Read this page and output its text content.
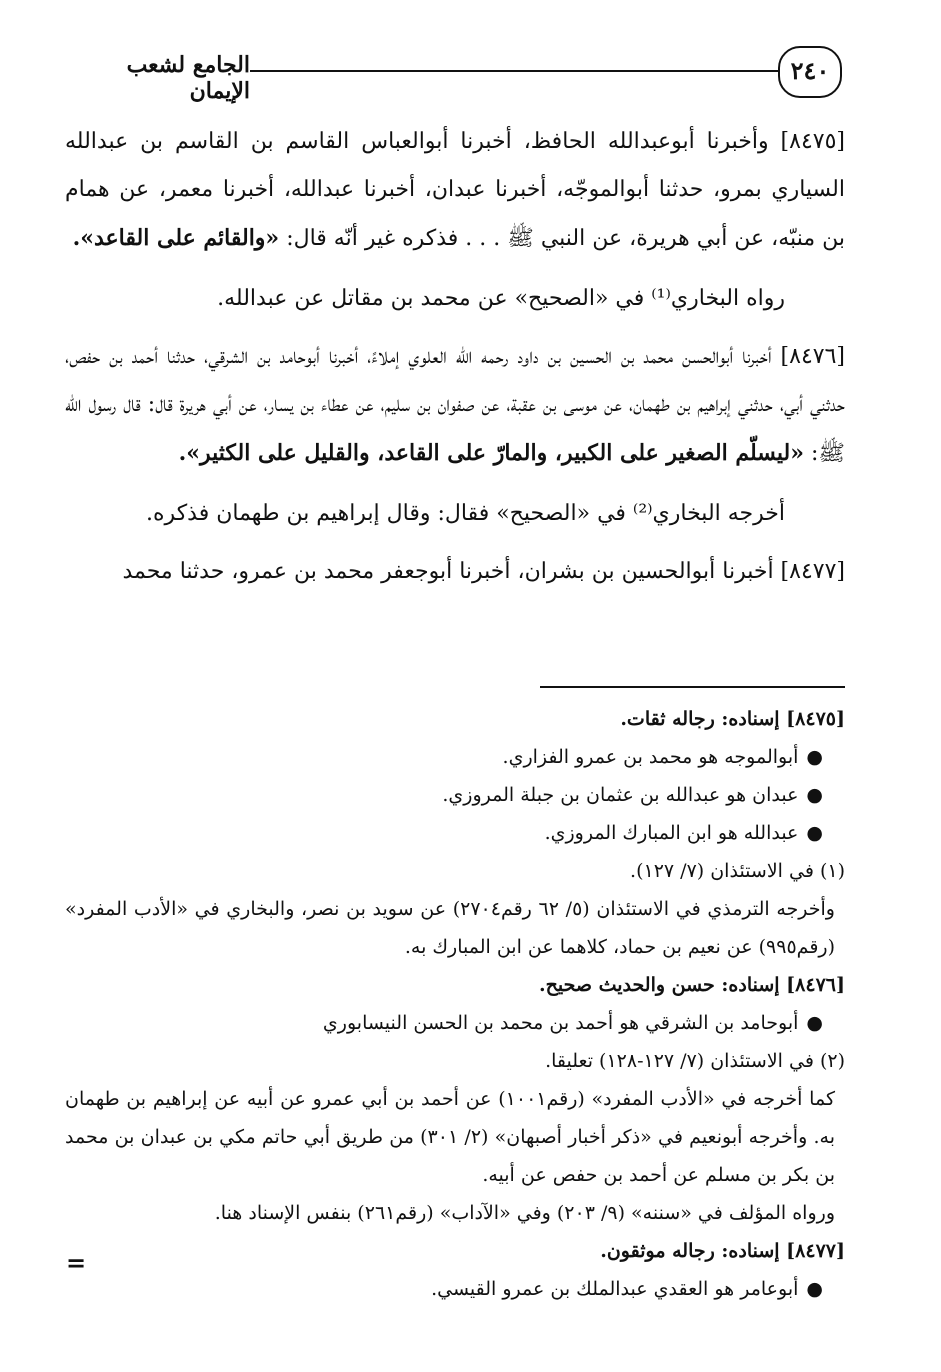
٢٤٠
الجامع لشعب الإيمان

[٨٤٧٥] وأخبرنا أبوعبدالله الحافظ، أخبرنا أبوالعباس القاسم بن القاسم بن عبدالله السياري بمرو، حدثنا أبوالموجّه، أخبرنا عبدان، أخبرنا عبدالله، أخبرنا معمر، عن همام بن منبّه، عن أبي هريرة، عن النبي ﷺ . . . فذكره غير أنّه قال: «والقائم على القاعد».

رواه البخاري⁽¹⁾ في «الصحيح» عن محمد بن مقاتل عن عبدالله.

[٨٤٧٦] أخبرنا أبوالحسن محمد بن الحسين بن داود رحمه الله العلوي إملاءً، أخبرنا أبوحامد بن الشرقي، حدثنا أحمد بن حفص، حدثني أبي، حدثني إبراهيم بن طهمان، عن موسى بن عقبة، عن صفوان بن سليم، عن عطاء بن يسار، عن أبي هريرة قال: قال رسول الله ﷺ: «ليسلّم الصغير على الكبير، والمارّ على القاعد، والقليل على الكثير».

أخرجه البخاري⁽²⁾ في «الصحيح» فقال: وقال إبراهيم بن طهمان فذكره.

[٨٤٧٧] أخبرنا أبوالحسين بن بشران، أخبرنا أبوجعفر محمد بن عمرو، حدثنا محمد

[٨٤٧٥] إسناده: رجاله ثقات.

●أبوالموجه هو محمد بن عمرو الفزاري.

●عبدان هو عبدالله بن عثمان بن جبلة المروزي.

●عبدالله هو ابن المبارك المروزي.

(١) في الاستئذان (٧/ ١٢٧).

وأخرجه الترمذي في الاستئذان (٥/ ٦٢ رقم٢٧٠٤) عن سويد بن نصر، والبخاري في «الأدب المفرد» (رقم٩٩٥) عن نعيم بن حماد، كلاهما عن ابن المبارك به.

[٨٤٧٦] إسناده: حسن والحديث صحيح.

●أبوحامد بن الشرقي هو أحمد بن محمد بن الحسن النيسابوري

(٢) في الاستئذان (٧/ ١٢٧-١٢٨) تعليقا.

كما أخرجه في «الأدب المفرد» (رقم١٠٠١) عن أحمد بن أبي عمرو عن أبيه عن إبراهيم بن طهمان به. وأخرجه أبونعيم في «ذكر أخبار أصبهان» (٢/ ٣٠١) من طريق أبي حاتم مكي بن عبدان بن محمد بن بكر بن مسلم عن أحمد بن حفص عن أبيه.

ورواه المؤلف في «سننه» (٩/ ٢٠٣) وفي «الآداب» (رقم٢٦١) بنفس الإسناد هنا.

[٨٤٧٧] إسناده: رجاله موثقون.

●أبوعامر هو العقدي عبدالملك بن عمرو القيسي.

=
